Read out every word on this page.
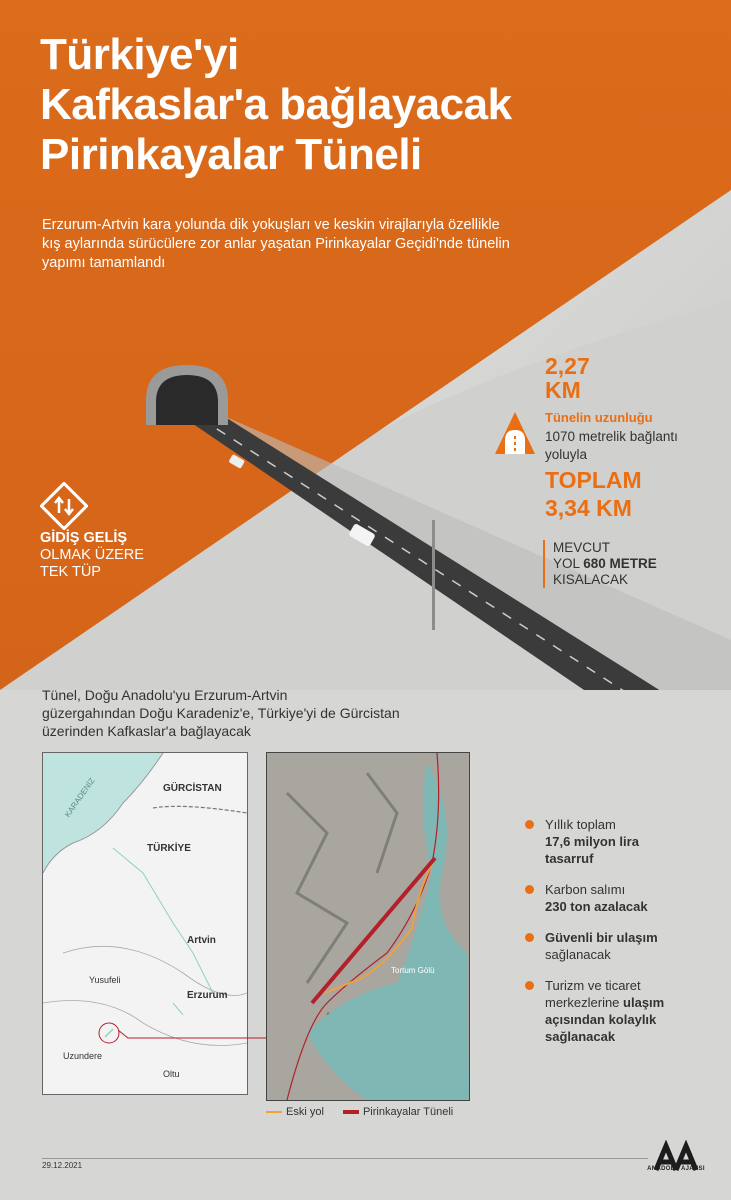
Türkiye'yi
Kafkaslar'a bağlayacak
Pirinkayalar Tüneli
Erzurum-Artvin kara yolunda dik yokuşları ve keskin virajlarıyla özellikle
kış aylarında sürücülere zor anlar yaşatan Pirinkayalar Geçidi'nde tünelin
yapımı tamamlandı
2,27
KM
Tünelin uzunluğu
1070 metrelik bağlantı
yoluyla
TOPLAM
3,34 KM
MEVCUT
YOL 680 METRE
KISALACAK
GİDİŞ GELİŞ
OLMAK ÜZERE
TEK TÜP
Tünel, Doğu Anadolu'yu Erzurum-Artvin
güzergahından Doğu Karadeniz'e, Türkiye'yi de Gürcistan
üzerinden Kafkaslar'a bağlayacak
KARADENİZ	GÜRCİSTAN
TÜRKİYE
Artvin
Yusufeli
Erzurum
Uzundere
Oltu
Tortum Gölü
Eski yol	Pirinkayalar Tüneli
Yıllık toplam
17,6 milyon lira
tasarruf
Karbon salımı
230 ton azalacak
Güvenli bir ulaşım
sağlanacak
Turizm ve ticaret
merkezlerine ulaşım
açısından kolaylık
sağlanacak
29.12.2021	ANADOLU AJANSI
